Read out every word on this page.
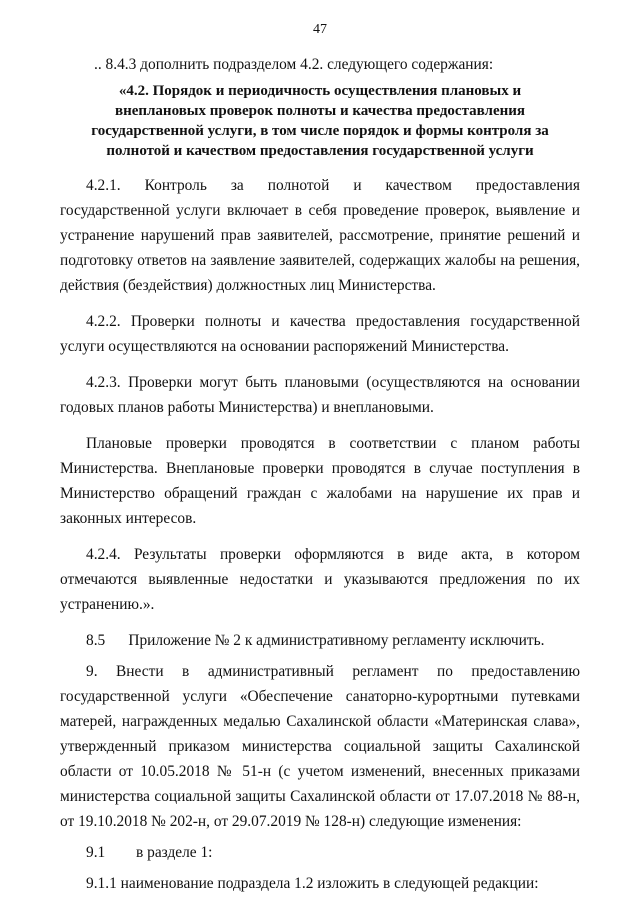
47
.. 8.4.3 дополнить подразделом 4.2. следующего содержания:
«4.2. Порядок и периодичность осуществления плановых и
внеплановых проверок полноты и качества предоставления
государственной услуги, в том числе порядок и формы контроля за
полнотой и качеством предоставления государственной услуги
4.2.1. Контроль за полнотой и качеством предоставления
государственной услуги включает в себя проведение проверок, выявление и
устранение нарушений прав заявителей, рассмотрение, принятие решений и
подготовку ответов на заявление заявителей, содержащих жалобы на решения,
действия (бездействия) должностных лиц Министерства.
4.2.2. Проверки полноты и качества предоставления государственной
услуги осуществляются на основании распоряжений Министерства.
4.2.3. Проверки могут быть плановыми (осуществляются на основании
годовых планов работы Министерства) и внеплановыми.
Плановые проверки проводятся в соответствии с планом работы
Министерства. Внеплановые проверки проводятся в случае поступления в
Министерство обращений граждан с жалобами на нарушение их прав и
законных интересов.
4.2.4. Результаты проверки оформляются в виде акта, в котором
отмечаются выявленные недостатки и указываются предложения по их
устранению.».
8.5      Приложение № 2 к административному регламенту исключить.
9. Внести в административный регламент по предоставлению
государственной услуги «Обеспечение санаторно-курортными путевками
матерей, награжденных медалью Сахалинской области «Материнская слава»,
утвержденный приказом министерства социальной защиты Сахалинской
области от 10.05.2018 № 51-н (с учетом изменений, внесенных приказами
министерства социальной защиты Сахалинской области от 17.07.2018 № 88-н,
от 19.10.2018 № 202-н, от 29.07.2019 № 128-н) следующие изменения:
9.1        в разделе 1:
9.1.1 наименование подраздела 1.2 изложить в следующей редакции:
